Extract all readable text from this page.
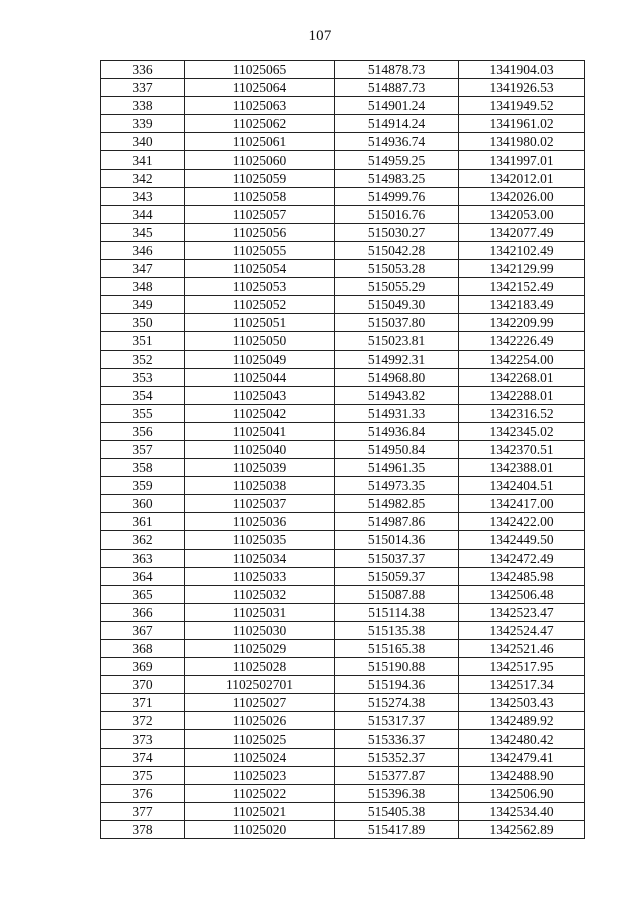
107
336	11025065	514878.73	1341904.03
337	11025064	514887.73	1341926.53
338	11025063	514901.24	1341949.52
339	11025062	514914.24	1341961.02
340	11025061	514936.74	1341980.02
341	11025060	514959.25	1341997.01
342	11025059	514983.25	1342012.01
343	11025058	514999.76	1342026.00
344	11025057	515016.76	1342053.00
345	11025056	515030.27	1342077.49
346	11025055	515042.28	1342102.49
347	11025054	515053.28	1342129.99
348	11025053	515055.29	1342152.49
349	11025052	515049.30	1342183.49
350	11025051	515037.80	1342209.99
351	11025050	515023.81	1342226.49
352	11025049	514992.31	1342254.00
353	11025044	514968.80	1342268.01
354	11025043	514943.82	1342288.01
355	11025042	514931.33	1342316.52
356	11025041	514936.84	1342345.02
357	11025040	514950.84	1342370.51
358	11025039	514961.35	1342388.01
359	11025038	514973.35	1342404.51
360	11025037	514982.85	1342417.00
361	11025036	514987.86	1342422.00
362	11025035	515014.36	1342449.50
363	11025034	515037.37	1342472.49
364	11025033	515059.37	1342485.98
365	11025032	515087.88	1342506.48
366	11025031	515114.38	1342523.47
367	11025030	515135.38	1342524.47
368	11025029	515165.38	1342521.46
369	11025028	515190.88	1342517.95
370	1102502701	515194.36	1342517.34
371	11025027	515274.38	1342503.43
372	11025026	515317.37	1342489.92
373	11025025	515336.37	1342480.42
374	11025024	515352.37	1342479.41
375	11025023	515377.87	1342488.90
376	11025022	515396.38	1342506.90
377	11025021	515405.38	1342534.40
378	11025020	515417.89	1342562.89
